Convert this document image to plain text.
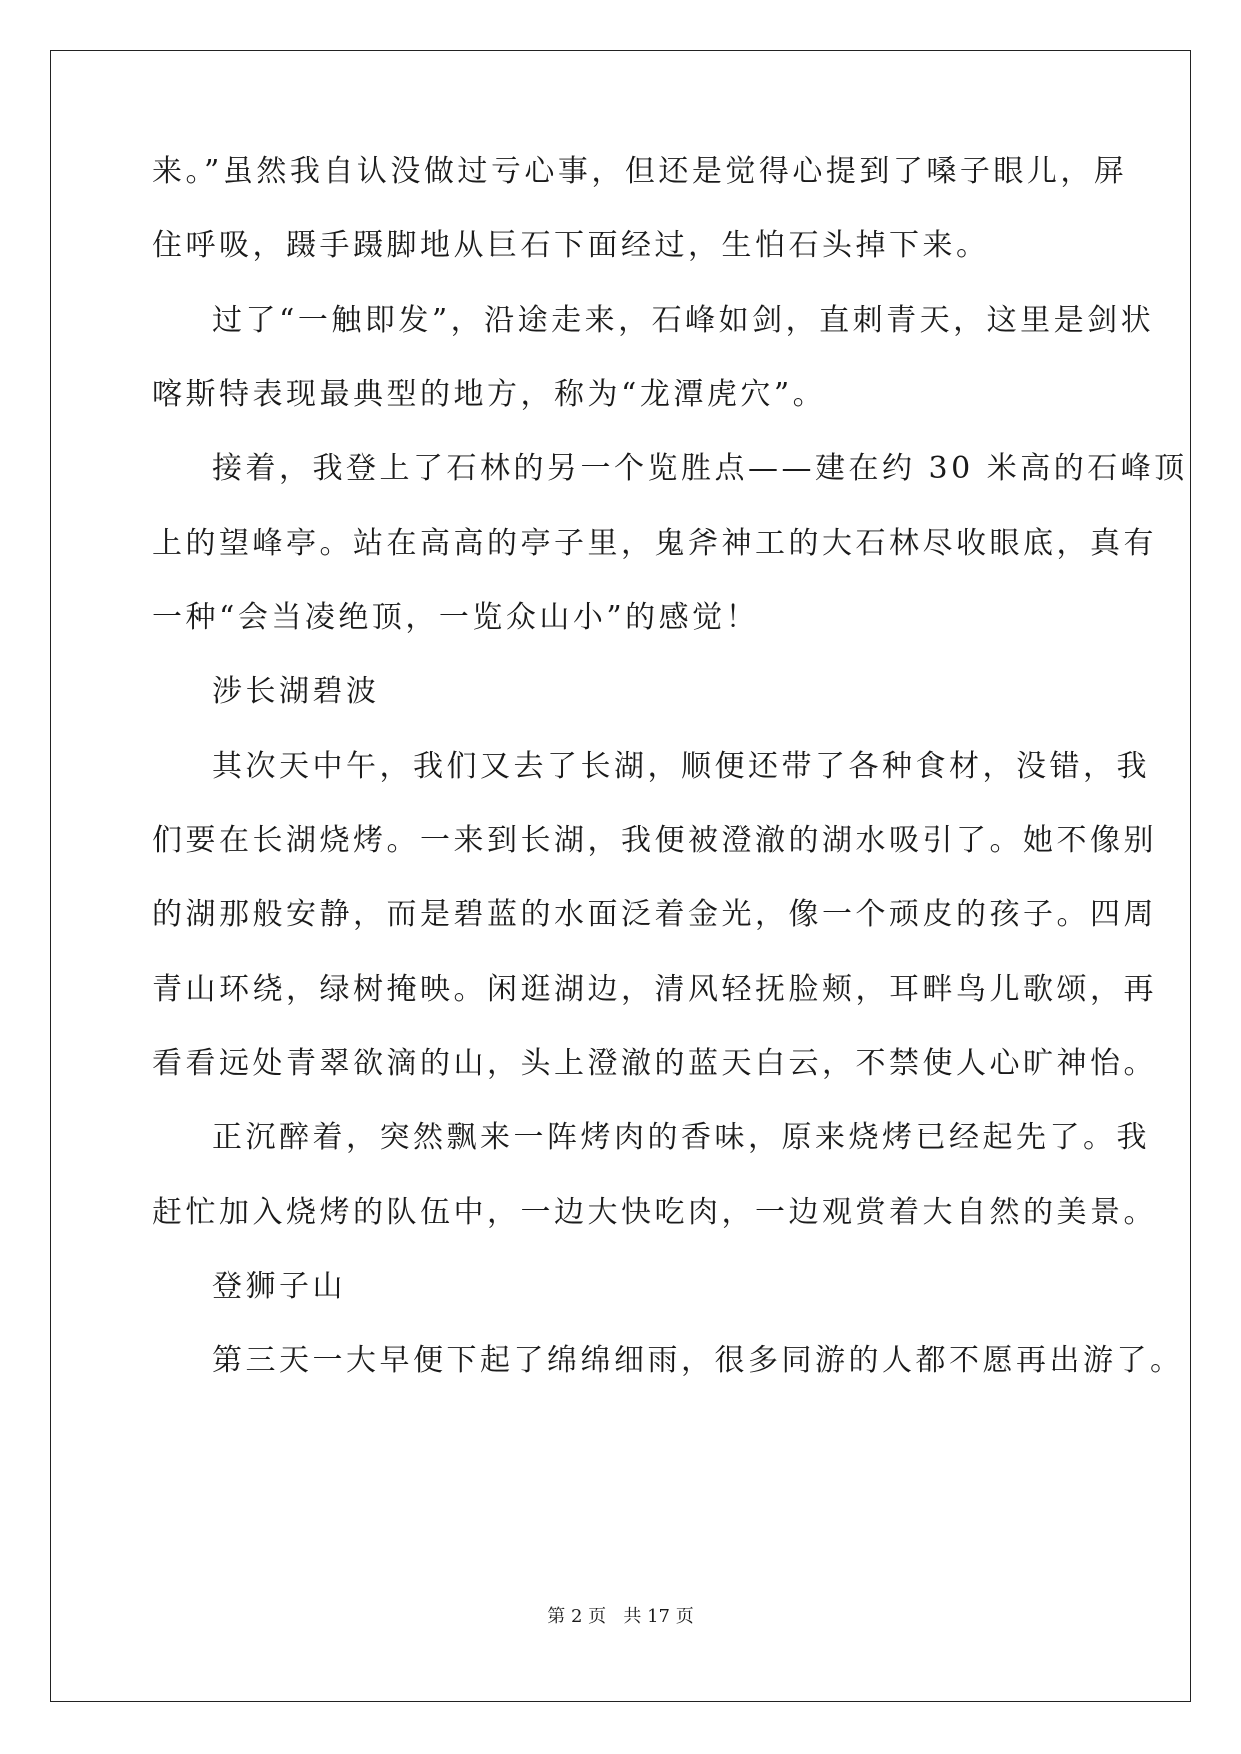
来。”虽然我自认没做过亏心事，但还是觉得心提到了嗓子眼儿，屏
住呼吸，蹑手蹑脚地从巨石下面经过，生怕石头掉下来。
过了“一触即发”，沿途走来，石峰如剑，直刺青天，这里是剑状
喀斯特表现最典型的地方，称为“龙潭虎穴”。
接着，我登上了石林的另一个览胜点——建在约 30 米高的石峰顶
上的望峰亭。站在高高的亭子里，鬼斧神工的大石林尽收眼底，真有
一种“会当凌绝顶，一览众山小”的感觉！
涉长湖碧波
其次天中午，我们又去了长湖，顺便还带了各种食材，没错，我
们要在长湖烧烤。一来到长湖，我便被澄澈的湖水吸引了。她不像别
的湖那般安静，而是碧蓝的水面泛着金光，像一个顽皮的孩子。四周
青山环绕，绿树掩映。闲逛湖边，清风轻抚脸颊，耳畔鸟儿歌颂，再
看看远处青翠欲滴的山，头上澄澈的蓝天白云，不禁使人心旷神怡。
正沉醉着，突然飘来一阵烤肉的香味，原来烧烤已经起先了。我
赶忙加入烧烤的队伍中，一边大快吃肉，一边观赏着大自然的美景。
登狮子山
第三天一大早便下起了绵绵细雨，很多同游的人都不愿再出游了。
第 2 页   共 17 页
